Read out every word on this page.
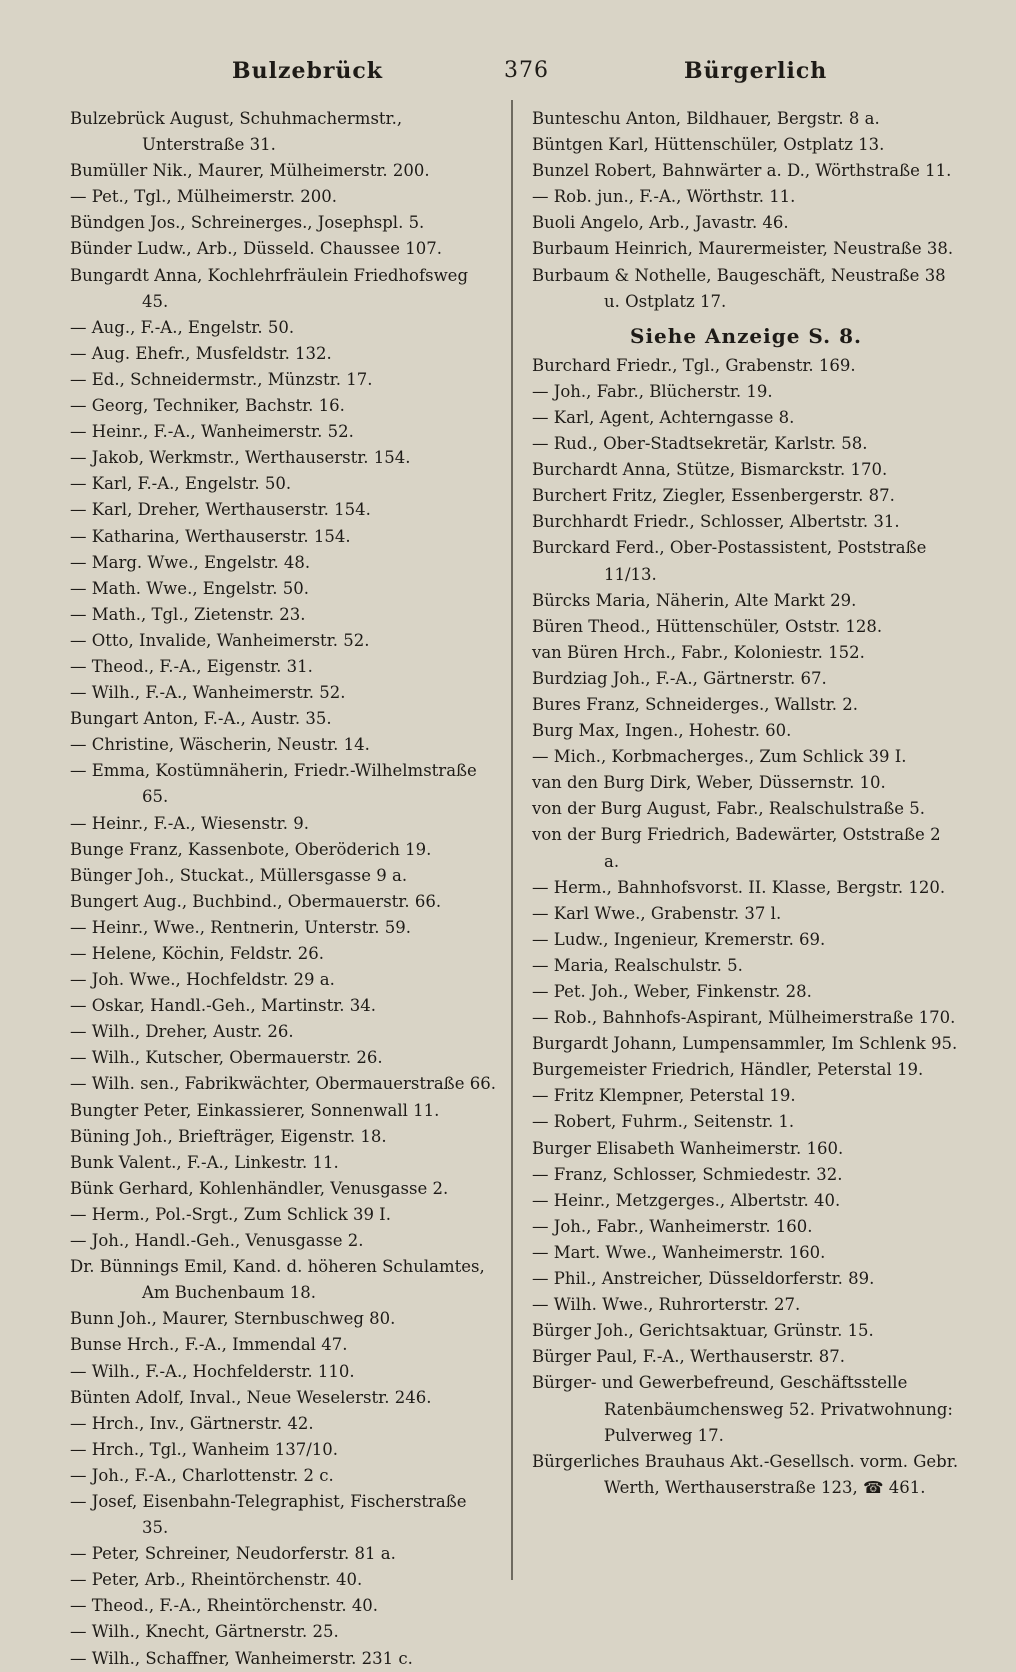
Bulzebrück	376	Bürgerlich
Bulzebrück August, Schuhmachermstr., Unterstraße 31.
Bumüller Nik., Maurer, Mülheimerstr. 200.
— Pet., Tgl., Mülheimerstr. 200.
Bündgen Jos., Schreinerges., Josephspl. 5.
Bünder Ludw., Arb., Düsseld. Chaussee 107.
Bungardt Anna, Kochlehrfräulein Friedhofsweg 45.
— Aug., F.-A., Engelstr. 50.
— Aug. Ehefr., Musfeldstr. 132.
— Ed., Schneidermstr., Münzstr. 17.
— Georg, Techniker, Bachstr. 16.
— Heinr., F.-A., Wanheimerstr. 52.
— Jakob, Werkmstr., Werthauserstr. 154.
— Karl, F.-A., Engelstr. 50.
— Karl, Dreher, Werthauserstr. 154.
— Katharina, Werthauserstr. 154.
— Marg. Wwe., Engelstr. 48.
— Math. Wwe., Engelstr. 50.
— Math., Tgl., Zietenstr. 23.
— Otto, Invalide, Wanheimerstr. 52.
— Theod., F.-A., Eigenstr. 31.
— Wilh., F.-A., Wanheimerstr. 52.
Bungart Anton, F.-A., Austr. 35.
— Christine, Wäscherin, Neustr. 14.
— Emma, Kostümnäherin, Friedr.-Wilhelmstraße 65.
— Heinr., F.-A., Wiesenstr. 9.
Bunge Franz, Kassenbote, Oberöderich 19.
Bünger Joh., Stuckat., Müllersgasse 9 a.
Bungert Aug., Buchbind., Obermauerstr. 66.
— Heinr., Wwe., Rentnerin, Unterstr. 59.
— Helene, Köchin, Feldstr. 26.
— Joh. Wwe., Hochfeldstr. 29 a.
— Oskar, Handl.-Geh., Martinstr. 34.
— Wilh., Dreher, Austr. 26.
— Wilh., Kutscher, Obermauerstr. 26.
— Wilh. sen., Fabrikwächter, Obermauerstraße 66.
Bungter Peter, Einkassierer, Sonnenwall 11.
Büning Joh., Briefträger, Eigenstr. 18.
Bunk Valent., F.-A., Linkestr. 11.
Bünk Gerhard, Kohlenhändler, Venusgasse 2.
— Herm., Pol.-Srgt., Zum Schlick 39 I.
— Joh., Handl.-Geh., Venusgasse 2.
Dr. Bünnings Emil, Kand. d. höheren Schulamtes, Am Buchenbaum 18.
Bunn Joh., Maurer, Sternbuschweg 80.
Bunse Hrch., F.-A., Immendal 47.
— Wilh., F.-A., Hochfelderstr. 110.
Bünten Adolf, Inval., Neue Weselerstr. 246.
— Hrch., Inv., Gärtnerstr. 42.
— Hrch., Tgl., Wanheim 137/10.
— Joh., F.-A., Charlottenstr. 2 c.
— Josef, Eisenbahn-Telegraphist, Fischerstraße 35.
— Peter, Schreiner, Neudorferstr. 81 a.
— Peter, Arb., Rheintörchenstr. 40.
— Theod., F.-A., Rheintörchenstr. 40.
— Wilh., Knecht, Gärtnerstr. 25.
— Wilh., Schaffner, Wanheimerstr. 231 c.
Bunteschu Anton, Bildhauer, Bergstr. 8 a.
Büntgen Karl, Hüttenschüler, Ostplatz 13.
Bunzel Robert, Bahnwärter a. D., Wörthstraße 11.
— Rob. jun., F.-A., Wörthstr. 11.
Buoli Angelo, Arb., Javastr. 46.
Burbaum Heinrich, Maurermeister, Neustraße 38.
Burbaum & Nothelle, Baugeschäft, Neustraße 38 u. Ostplatz 17.
Siehe Anzeige S. 8.
Burchard Friedr., Tgl., Grabenstr. 169.
— Joh., Fabr., Blücherstr. 19.
— Karl, Agent, Achterngasse 8.
— Rud., Ober-Stadtsekretär, Karlstr. 58.
Burchardt Anna, Stütze, Bismarckstr. 170.
Burchert Fritz, Ziegler, Essenbergerstr. 87.
Burchhardt Friedr., Schlosser, Albertstr. 31.
Burckard Ferd., Ober-Postassistent, Poststraße 11/13.
Bürcks Maria, Näherin, Alte Markt 29.
Büren Theod., Hüttenschüler, Oststr. 128.
van Büren Hrch., Fabr., Koloniestr. 152.
Burdziag Joh., F.-A., Gärtnerstr. 67.
Bures Franz, Schneiderges., Wallstr. 2.
Burg Max, Ingen., Hohestr. 60.
— Mich., Korbmacherges., Zum Schlick 39 I.
van den Burg Dirk, Weber, Düssernstr. 10.
von der Burg August, Fabr., Realschulstraße 5.
von der Burg Friedrich, Badewärter, Oststraße 2 a.
— Herm., Bahnhofsvorst. II. Klasse, Bergstr. 120.
— Karl Wwe., Grabenstr. 37 l.
— Ludw., Ingenieur, Kremerstr. 69.
— Maria, Realschulstr. 5.
— Pet. Joh., Weber, Finkenstr. 28.
— Rob., Bahnhofs-Aspirant, Mülheimerstraße 170.
Burgardt Johann, Lumpensammler, Im Schlenk 95.
Burgemeister Friedrich, Händler, Peterstal 19.
— Fritz Klempner, Peterstal 19.
— Robert, Fuhrm., Seitenstr. 1.
Burger Elisabeth Wanheimerstr. 160.
— Franz, Schlosser, Schmiedestr. 32.
— Heinr., Metzgerges., Albertstr. 40.
— Joh., Fabr., Wanheimerstr. 160.
— Mart. Wwe., Wanheimerstr. 160.
— Phil., Anstreicher, Düsseldorferstr. 89.
— Wilh. Wwe., Ruhrorterstr. 27.
Bürger Joh., Gerichtsaktuar, Grünstr. 15.
Bürger Paul, F.-A., Werthauserstr. 87.
Bürger- und Gewerbefreund, Geschäftsstelle Ratenbäumchensweg 52. Privatwohnung: Pulverweg 17.
Bürgerliches Brauhaus Akt.-Gesellsch. vorm. Gebr. Werth, Werthauserstraße 123, ☎ 461.
